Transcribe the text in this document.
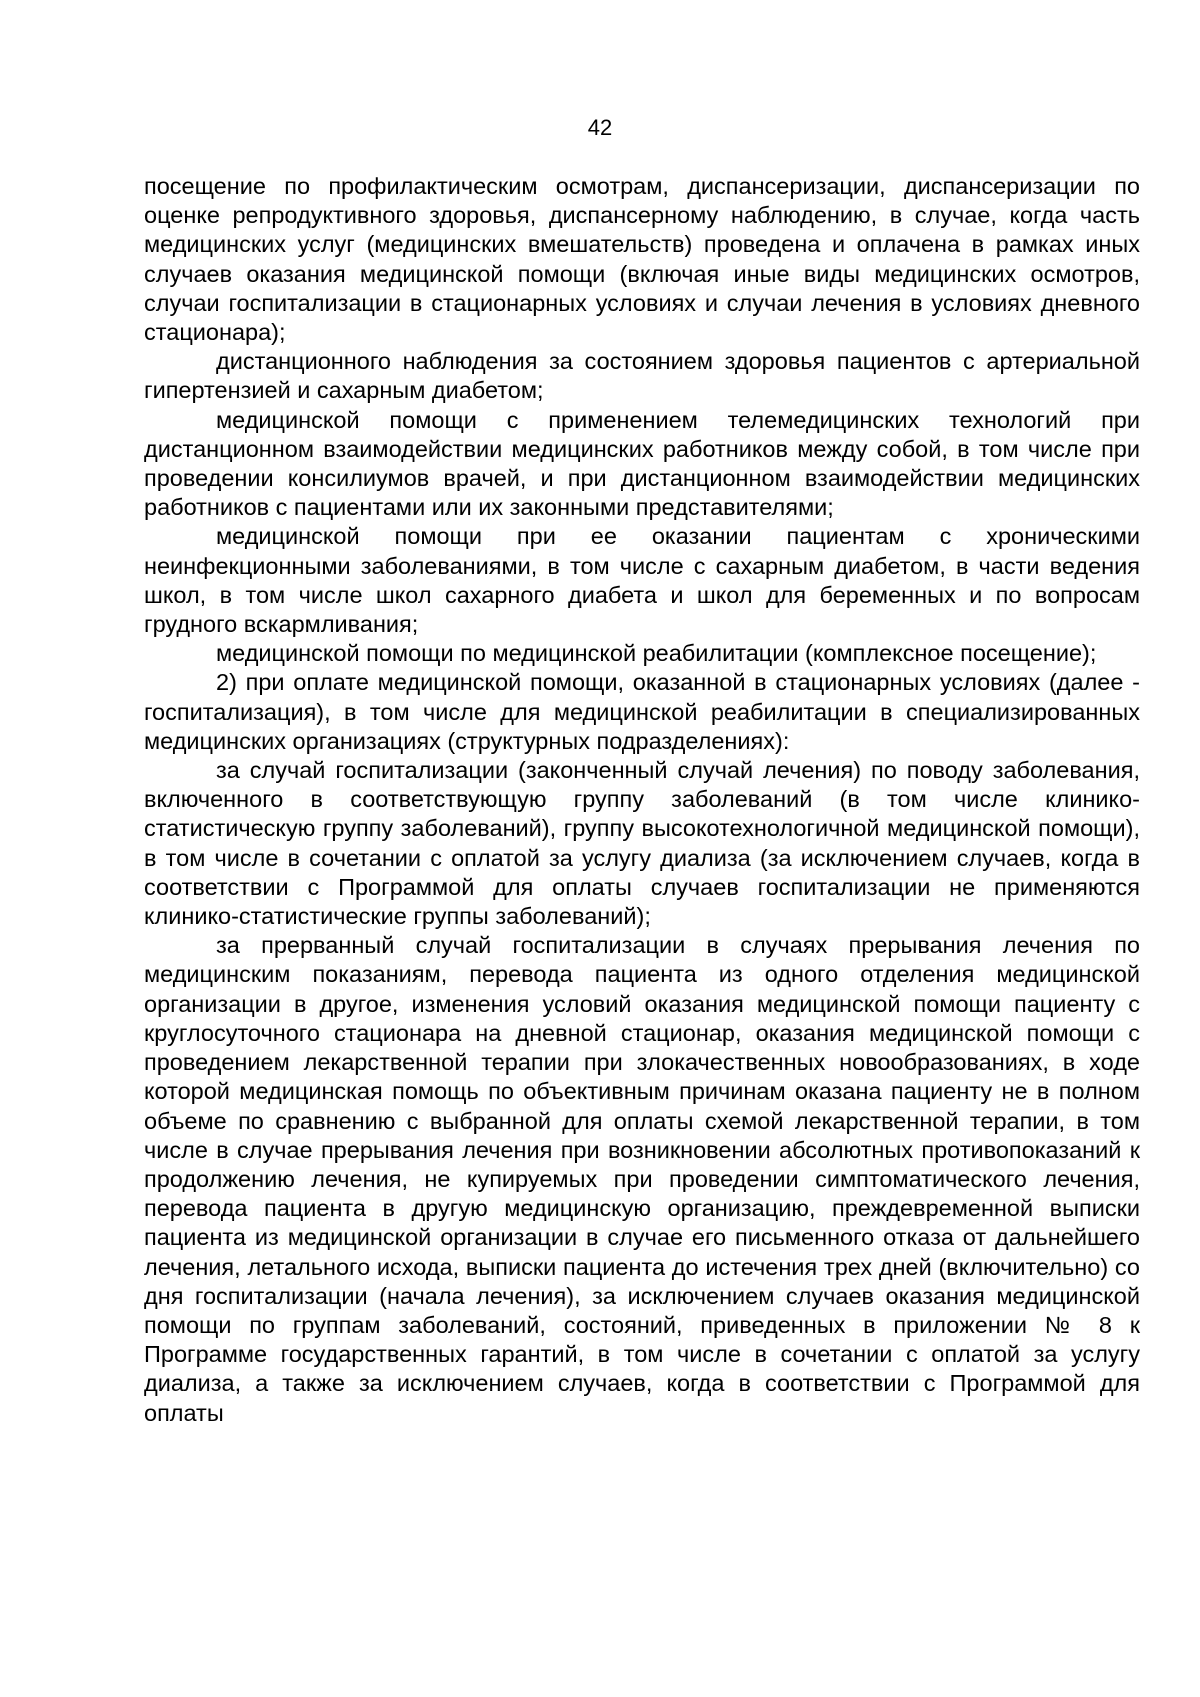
42

посещение по профилактическим осмотрам, диспансеризации, диспансеризации по оценке репродуктивного здоровья, диспансерному наблюдению, в случае, когда часть медицинских услуг (медицинских вмешательств) проведена и оплачена в рамках иных случаев оказания медицинской помощи (включая иные виды медицинских осмотров, случаи госпитализации в стационарных условиях и случаи лечения в условиях дневного стационара);

дистанционного наблюдения за состоянием здоровья пациентов с артериальной гипертензией и сахарным диабетом;

медицинской помощи с применением телемедицинских технологий при дистанционном взаимодействии медицинских работников между собой, в том числе при проведении консилиумов врачей, и при дистанционном взаимодействии медицинских работников с пациентами или их законными представителями;

медицинской помощи при ее оказании пациентам с хроническими неинфекционными заболеваниями, в том числе с сахарным диабетом, в части ведения школ, в том числе школ сахарного диабета и школ для беременных и по вопросам грудного вскармливания;

медицинской помощи по медицинской реабилитации (комплексное посещение);

2) при оплате медицинской помощи, оказанной в стационарных условиях (далее - госпитализация), в том числе для медицинской реабилитации в специализированных медицинских организациях (структурных подразделениях):

за случай госпитализации (законченный случай лечения) по поводу заболевания, включенного в соответствующую группу заболеваний (в том числе клинико-статистическую группу заболеваний), группу высокотехнологичной медицинской помощи), в том числе в сочетании с оплатой за услугу диализа (за исключением случаев, когда в соответствии с Программой для оплаты случаев госпитализации не применяются клинико-статистические группы заболеваний);

за прерванный случай госпитализации в случаях прерывания лечения по медицинским показаниям, перевода пациента из одного отделения медицинской организации в другое, изменения условий оказания медицинской помощи пациенту с круглосуточного стационара на дневной стационар, оказания медицинской помощи с проведением лекарственной терапии при злокачественных новообразованиях, в ходе которой медицинская помощь по объективным причинам оказана пациенту не в полном объеме по сравнению с выбранной для оплаты схемой лекарственной терапии, в том числе в случае прерывания лечения при возникновении абсолютных противопоказаний к продолжению лечения, не купируемых при проведении симптоматического лечения, перевода пациента в другую медицинскую организацию, преждевременной выписки пациента из медицинской организации в случае его письменного отказа от дальнейшего лечения, летального исхода, выписки пациента до истечения трех дней (включительно) со дня госпитализации (начала лечения), за исключением случаев оказания медицинской помощи по группам заболеваний, состояний, приведенных в приложении № 8 к Программе государственных гарантий, в том числе в сочетании с оплатой за услугу диализа, а также за исключением случаев, когда в соответствии с Программой для оплаты
